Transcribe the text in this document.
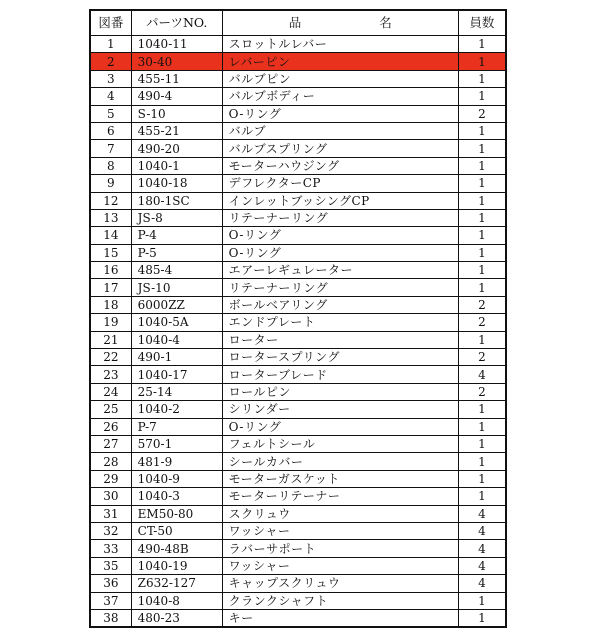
図番	パーツNO.	品 名	員数
1	1040-11	スロットルレバー	1
2	30-40	レバーピン	1
3	455-11	バルブピン	1
4	490-4	バルブボディー	1
5	S-10	O-リング	2
6	455-21	バルブ	1
7	490-20	バルブスプリング	1
8	1040-1	モーターハウジング	1
9	1040-18	デフレクターCP	1
12	180-1SC	インレットブッシングCP	1
13	JS-8	リテーナーリング	1
14	P-4	O-リング	1
15	P-5	O-リング	1
16	485-4	エアーレギュレーター	1
17	JS-10	リテーナーリング	1
18	6000ZZ	ボールベアリング	2
19	1040-5A	エンドプレート	2
21	1040-4	ローター	1
22	490-1	ロータースプリング	2
23	1040-17	ローターブレード	4
24	25-14	ロールピン	2
25	1040-2	シリンダー	1
26	P-7	O-リング	1
27	570-1	フェルトシール	1
28	481-9	シールカバー	1
29	1040-9	モーターガスケット	1
30	1040-3	モーターリテーナー	1
31	EM50-80	スクリュウ	4
32	CT-50	ワッシャー	4
33	490-48B	ラバーサポート	4
35	1040-19	ワッシャー	4
36	Z632-127	キャップスクリュウ	4
37	1040-8	クランクシャフト	1
38	480-23	キー	1
